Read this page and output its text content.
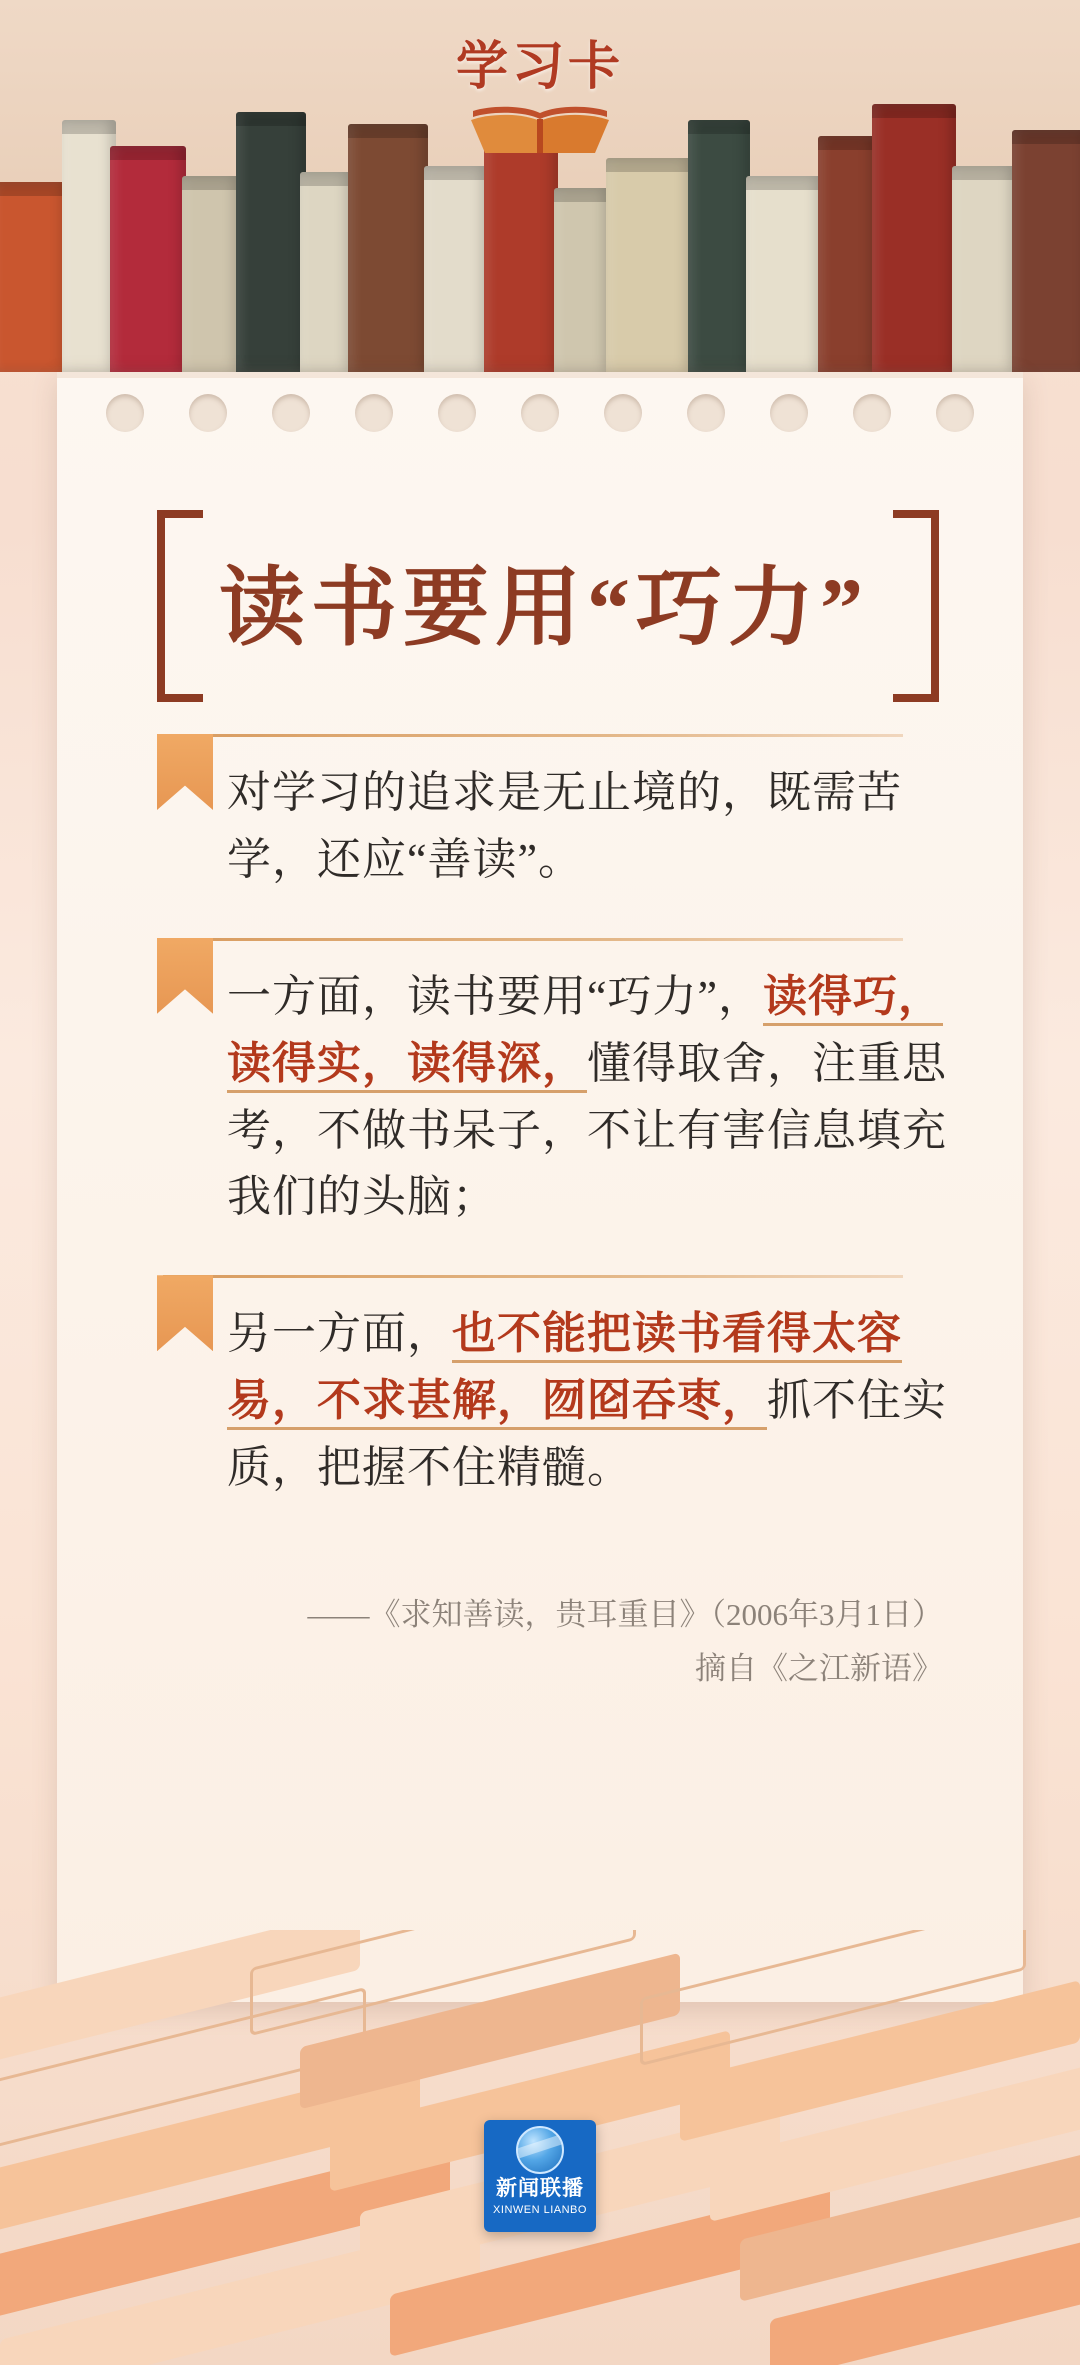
学习卡
读书要用“巧力”

对学习的追求是无止境的，既需苦学，还应“善读”。

一方面，读书要用“巧力”，读得巧，读得实，读得深，懂得取舍，注重思考，不做书呆子，不让有害信息填充我们的头脑；

另一方面，也不能把读书看得太容易，不求甚解，囫囵吞枣，抓不住实质，把握不住精髓。

——《求知善读，贵耳重目》（2006年3月1日）
摘自《之江新语》
新闻联播
XINWEN LIANBO
